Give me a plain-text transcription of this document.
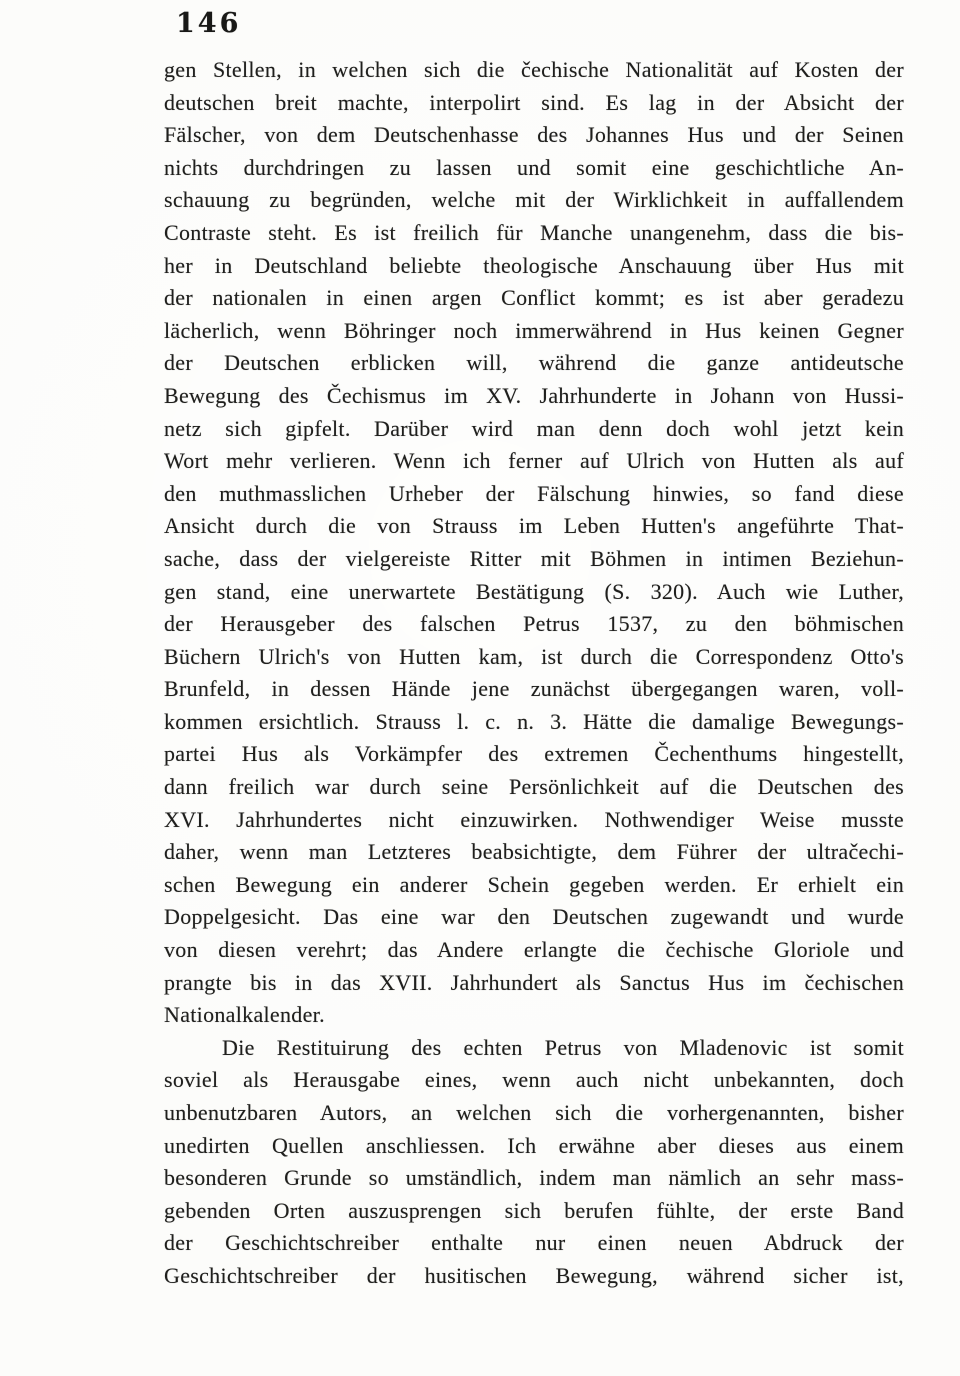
146
gen Stellen, in welchen sich die čechische Nationalität auf Kosten der
deutschen breit machte, interpolirt sind. Es lag in der Absicht der
Fälscher, von dem Deutschenhasse des Johannes Hus und der Seinen
nichts durchdringen zu lassen und somit eine geschichtliche An-
schauung zu begründen, welche mit der Wirklichkeit in auffallendem
Contraste steht. Es ist freilich für Manche unangenehm, dass die bis-
her in Deutschland beliebte theologische Anschauung über Hus mit
der nationalen in einen argen Conflict kommt; es ist aber geradezu
lächerlich, wenn Böhringer noch immerwährend in Hus keinen Gegner
der Deutschen erblicken will, während die ganze antideutsche
Bewegung des Čechismus im XV. Jahrhunderte in Johann von Hussi-
netz sich gipfelt. Darüber wird man denn doch wohl jetzt kein
Wort mehr verlieren. Wenn ich ferner auf Ulrich von Hutten als auf
den muthmasslichen Urheber der Fälschung hinwies, so fand diese
Ansicht durch die von Strauss im Leben Hutten's angeführte That-
sache, dass der vielgereiste Ritter mit Böhmen in intimen Beziehun-
gen stand, eine unerwartete Bestätigung (S. 320). Auch wie Luther,
der Herausgeber des falschen Petrus 1537, zu den böhmischen
Büchern Ulrich's von Hutten kam, ist durch die Correspondenz Otto's
Brunfeld, in dessen Hände jene zunächst übergegangen waren, voll-
kommen ersichtlich. Strauss l. c. n. 3. Hätte die damalige Bewegungs-
partei Hus als Vorkämpfer des extremen Čechenthums hingestellt,
dann freilich war durch seine Persönlichkeit auf die Deutschen des
XVI. Jahrhundertes nicht einzuwirken. Nothwendiger Weise musste
daher, wenn man Letzteres beabsichtigte, dem Führer der ultračechi-
schen Bewegung ein anderer Schein gegeben werden. Er erhielt ein
Doppelgesicht. Das eine war den Deutschen zugewandt und wurde
von diesen verehrt; das Andere erlangte die čechische Gloriole und
prangte bis in das XVII. Jahrhundert als Sanctus Hus im čechischen
Nationalkalender.
Die Restituirung des echten Petrus von Mladenovic ist somit
soviel als Herausgabe eines, wenn auch nicht unbekannten, doch
unbenutzbaren Autors, an welchen sich die vorhergenannten, bisher
unedirten Quellen anschliessen. Ich erwähne aber dieses aus einem
besonderen Grunde so umständlich, indem man nämlich an sehr mass-
gebenden Orten auszusprengen sich berufen fühlte, der erste Band
der Geschichtschreiber enthalte nur einen neuen Abdruck der
Geschichtschreiber der husitischen Bewegung, während sicher ist,
